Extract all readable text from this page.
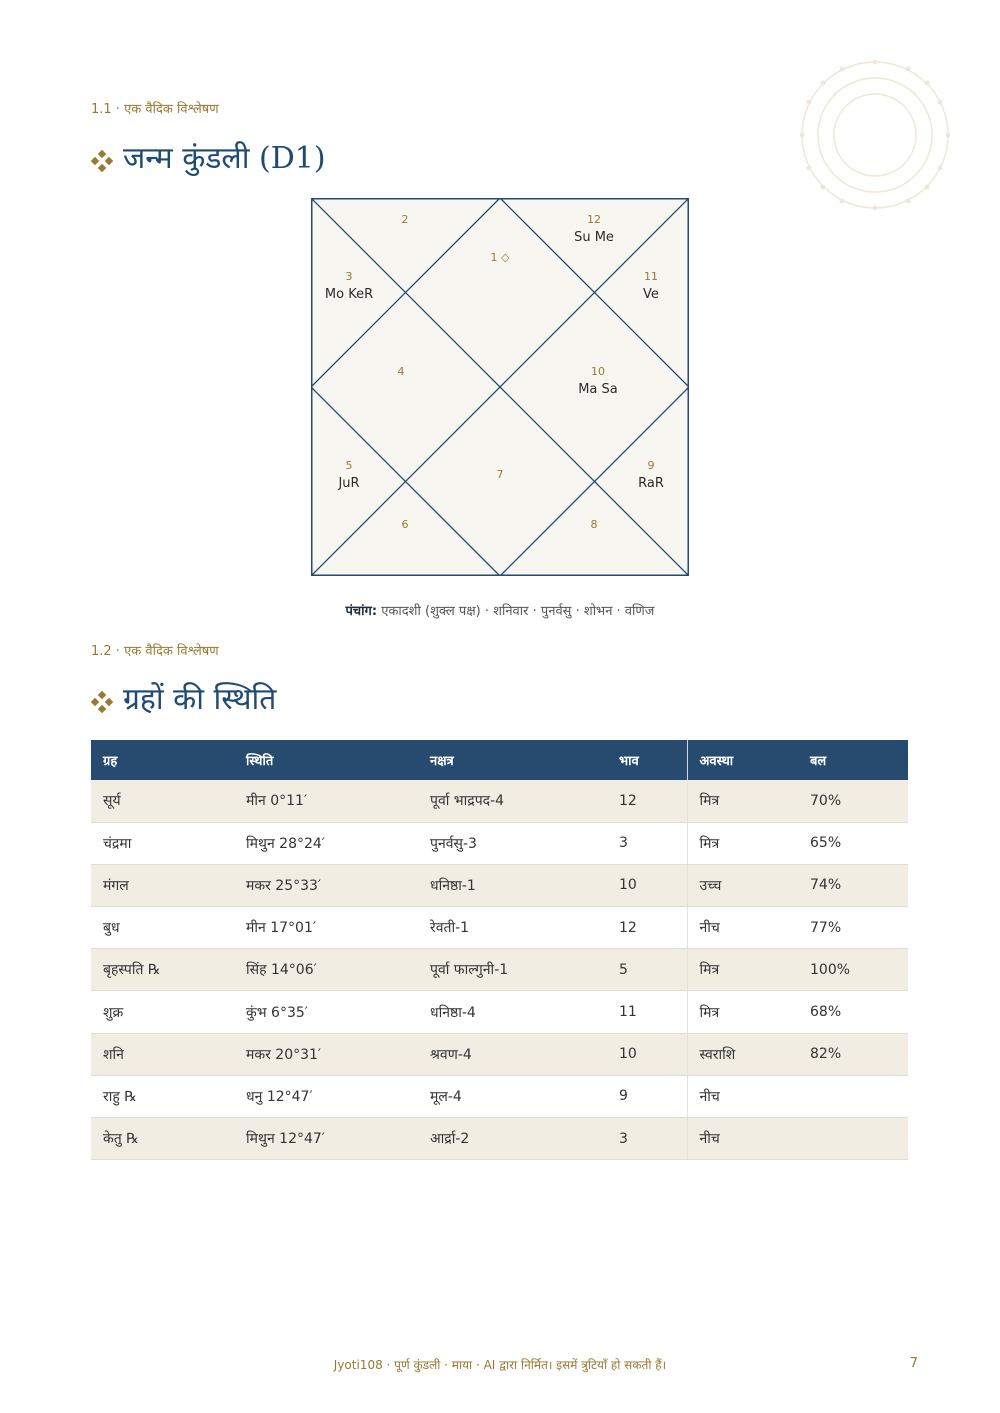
1.1 · एक वैदिक विश्लेषण
जन्म कुंडली (D1)
1 ◇
2
3
Mo KeR
4
5
JuR
6
7
8
9
RaR
10
Ma Sa
11
Ve
12
Su Me
पंचांग: एकादशी (शुक्ल पक्ष) · शनिवार · पुनर्वसु · शोभन · वणिज
1.2 · एक वैदिक विश्लेषण
ग्रहों की स्थिति
ग्रह	स्थिति	नक्षत्र	भाव	अवस्था	बल
सूर्य	मीन 0°11′	पूर्वा भाद्रपद-4	12	मित्र	70%
चंद्रमा	मिथुन 28°24′	पुनर्वसु-3	3	मित्र	65%
मंगल	मकर 25°33′	धनिष्ठा-1	10	उच्च	74%
बुध	मीन 17°01′	रेवती-1	12	नीच	77%
बृहस्पति ℞	सिंह 14°06′	पूर्वा फाल्गुनी-1	5	मित्र	100%
शुक्र	कुंभ 6°35′	धनिष्ठा-4	11	मित्र	68%
शनि	मकर 20°31′	श्रवण-4	10	स्वराशि	82%
राहु ℞	धनु 12°47′	मूल-4	9	नीच	
केतु ℞	मिथुन 12°47′	आर्द्रा-2	3	नीच	
Jyoti108 · पूर्ण कुंडली · माया · AI द्वारा निर्मित। इसमें त्रुटियाँ हो सकती हैं।	7
